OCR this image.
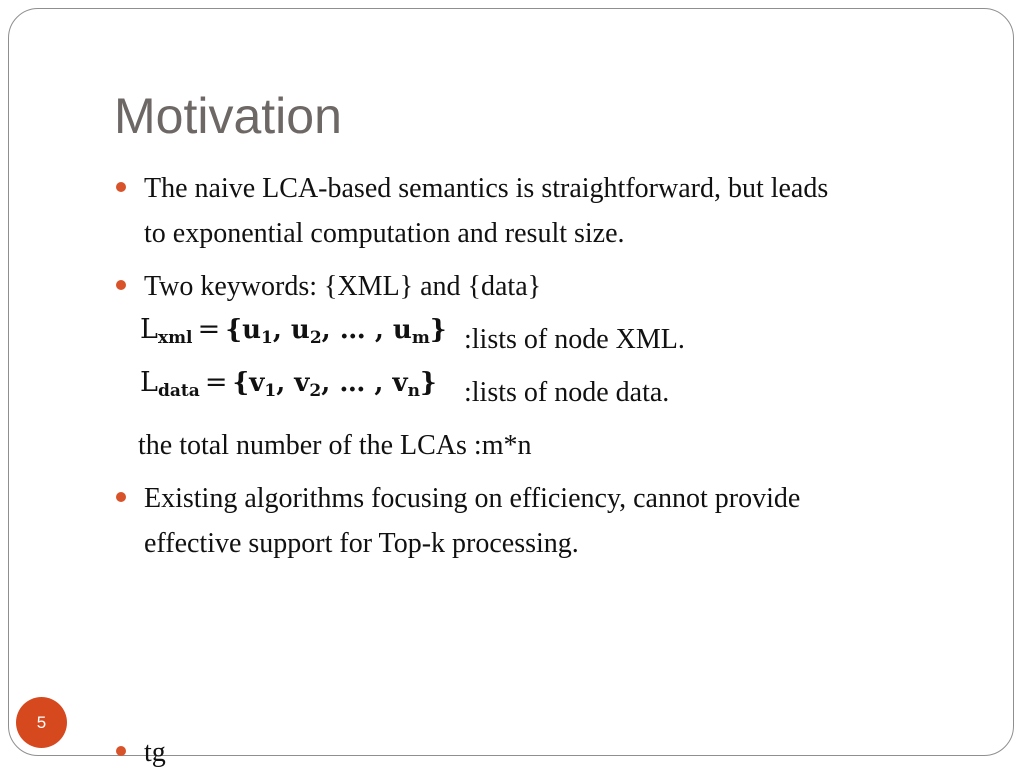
Motivation
The naive LCA-based semantics is straightforward, but leads
to exponential computation and result size.
Two keywords: {XML} and {data}
$L_{xml} = \{u_1$, $u_2$, … , $u_m$} :lists of node XML.
$L_{data} = \{v_1$, $v_2$, … , $v_n$} :lists of node data.
the total number of the LCAs :m*n
Existing algorithms focusing on efficiency, cannot provide
effective support for Top-k processing.
tg
5
